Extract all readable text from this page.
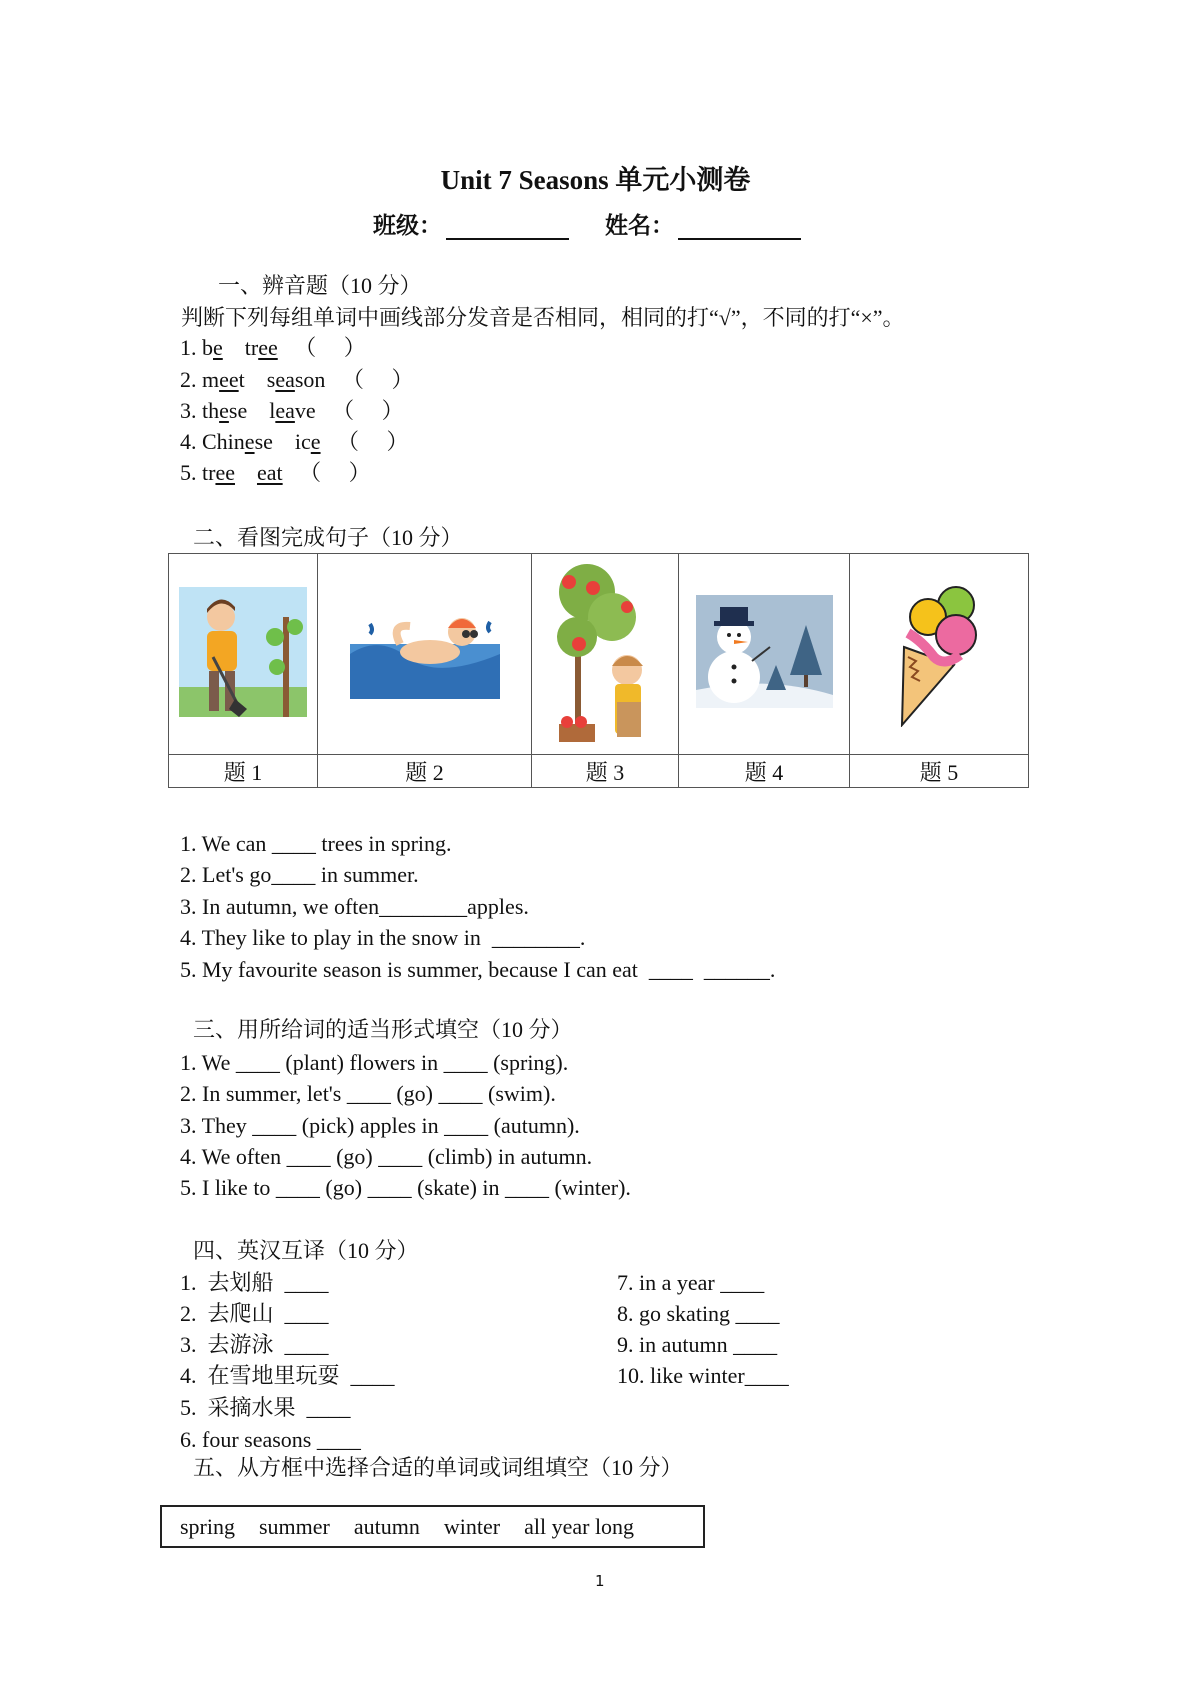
Unit 7 Seasons 单元小测卷
班级：	姓名：
一、辨音题（10 分）
判断下列每组单词中画线部分发音是否相同，相同的打“√”，不同的打“×”。
1. be tree （　 ）
2. meet season （　 ）
3. these leave （　 ）
4. Chinese ice （　 ）
5. tree eat （　 ）
二、看图完成句子（10 分）

题 1	题 2	题 3	题 4	题 5
1. We can ____ trees in spring.
2. Let's go____ in summer.
3. In autumn, we often________apples.
4. They like to play in the snow in  ________.
5. My favourite season is summer, because I can eat  ____  ______.
三、用所给词的适当形式填空（10 分）
1. We ____ (plant) flowers in ____ (spring).
2. In summer, let's ____ (go) ____ (swim).
3. They ____ (pick) apples in ____ (autumn).
4. We often ____ (go) ____ (climb) in autumn.
5. I like to ____ (go) ____ (skate) in ____ (winter).
四、英汉互译（10 分）
1.  去划船  ____
2.  去爬山  ____
3.  去游泳  ____
4.  在雪地里玩耍  ____
5.  采摘水果  ____
6. four seasons ____
7. in a year ____
8. go skating ____
9. in autumn ____
10. like winter____
五、从方框中选择合适的单词或词组填空（10 分）
spring summer autumn winter all year long
1
